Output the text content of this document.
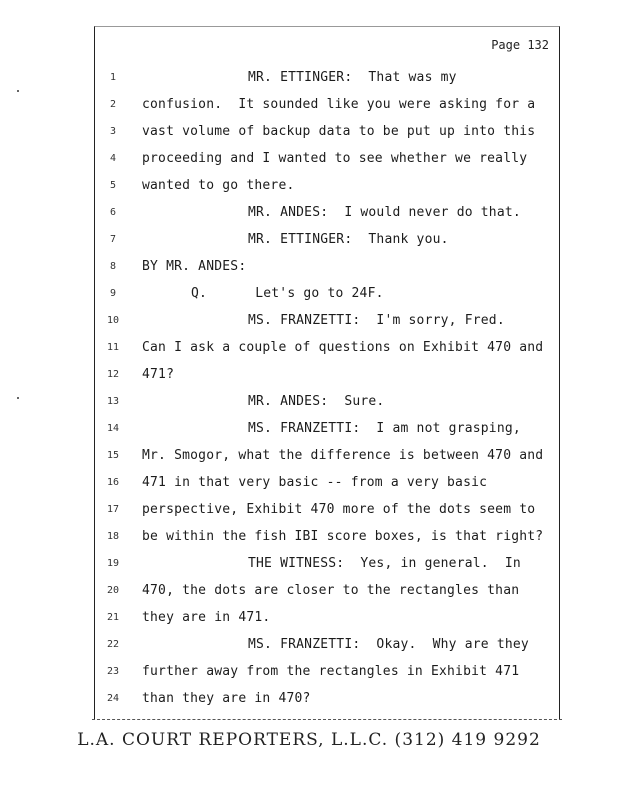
Page 132
1	MR. ETTINGER:  That was my
2	confusion.  It sounded like you were asking for a
3	vast volume of backup data to be put up into this
4	proceeding and I wanted to see whether we really
5	wanted to go there.
6	MR. ANDES:  I would never do that.
7	MR. ETTINGER:  Thank you.
8	BY MR. ANDES:
9	Q.      Let's go to 24F.
10	MS. FRANZETTI:  I'm sorry, Fred.
11	Can I ask a couple of questions on Exhibit 470 and
12	471?
13	MR. ANDES:  Sure.
14	MS. FRANZETTI:  I am not grasping,
15	Mr. Smogor, what the difference is between 470 and
16	471 in that very basic -- from a very basic
17	perspective, Exhibit 470 more of the dots seem to
18	be within the fish IBI score boxes, is that right?
19	THE WITNESS:  Yes, in general.  In
20	470, the dots are closer to the rectangles than
21	they are in 471.
22	MS. FRANZETTI:  Okay.  Why are they
23	further away from the rectangles in Exhibit 471
24	than they are in 470?
L.A. COURT REPORTERS, L.L.C. (312) 419 9292
